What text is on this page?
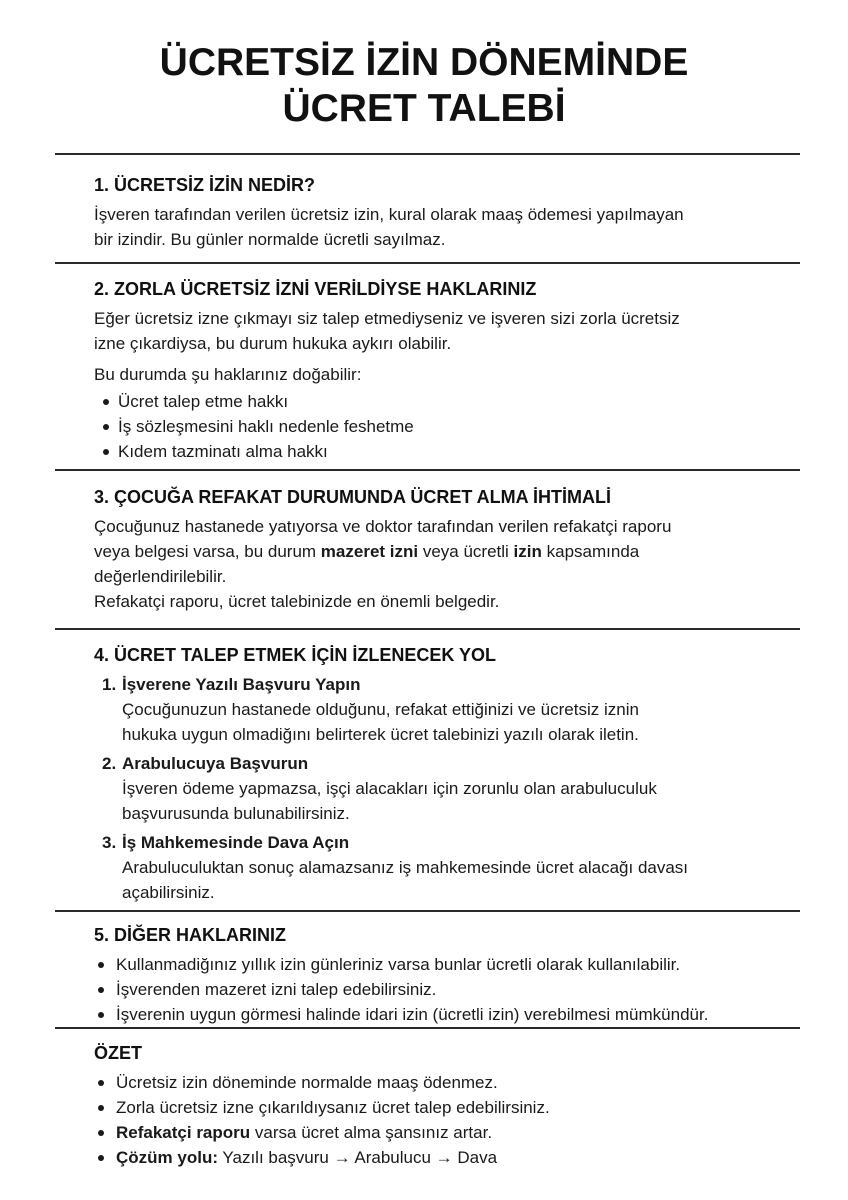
ÜCRETSİZ İZİN DÖNEMİNDE
ÜCRET TALEBİ
1. ÜCRETSİZ İZİN NEDİR?
İşveren tarafından verilen ücretsiz izin, kural olarak maaş ödemesi yapılmayan
bir izindir. Bu günler normalde ücretli sayılmaz.
2. ZORLA ÜCRETSİZ İZNİ VERİLDİYSE HAKLARINIZ
Eğer ücretsiz izne çıkmayı siz talep etmediyseniz ve işveren sizi zorla ücretsiz
izne çıkardiysa, bu durum hukuka aykırı olabilir.
Bu durumda şu haklarınız doğabilir:
Ücret talep etme hakkı
İş sözleşmesini haklı nedenle feshetme
Kıdem tazminatı alma hakkı
3. ÇOCUĞA REFAKAT DURUMUNDA ÜCRET ALMA İHTİMALİ
Çocuğunuz hastanede yatıyorsa ve doktor tarafından verilen refakatçi raporu
veya belgesi varsa, bu durum mazeret izni veya ücretli izin kapsamında
değerlendirilebilir.
Refakatçi raporu, ücret talebinizde en önemli belgedir.
4. ÜCRET TALEP ETMEK İÇİN İZLENECEK YOL
1. İşverene Yazılı Başvuru Yapın
Çocuğunuzun hastanede olduğunu, refakat ettiğinizi ve ücretsiz iznin
hukuka uygun olmadiğını belirterek ücret talebinizi yazılı olarak iletin.
2. Arabulucuya Başvurun
İşveren ödeme yapmazsa, işçi alacakları için zorunlu olan arabuluculuk
başvurusunda bulunabilirsiniz.
3. İş Mahkemesinde Dava Açın
Arabuluculuktan sonuç alamazsanız iş mahkemesinde ücret alacağı davası
açabilirsiniz.
5. DİĞER HAKLARINIZ
Kullanmadiğınız yıllık izin günleriniz varsa bunlar ücretli olarak kullanılabilir.
İşverenden mazeret izni talep edebilirsiniz.
İşverenin uygun görmesi halinde idari izin (ücretli izin) verebilmesi mümkündür.
ÖZET
Ücretsiz izin döneminde normalde maaş ödenmez.
Zorla ücretsiz izne çıkarıldıysanız ücret talep edebilirsiniz.
Refakatçi raporu varsa ücret alma şansınız artar.
Çözüm yolu: Yazılı başvuru → Arabulucu → Dava
